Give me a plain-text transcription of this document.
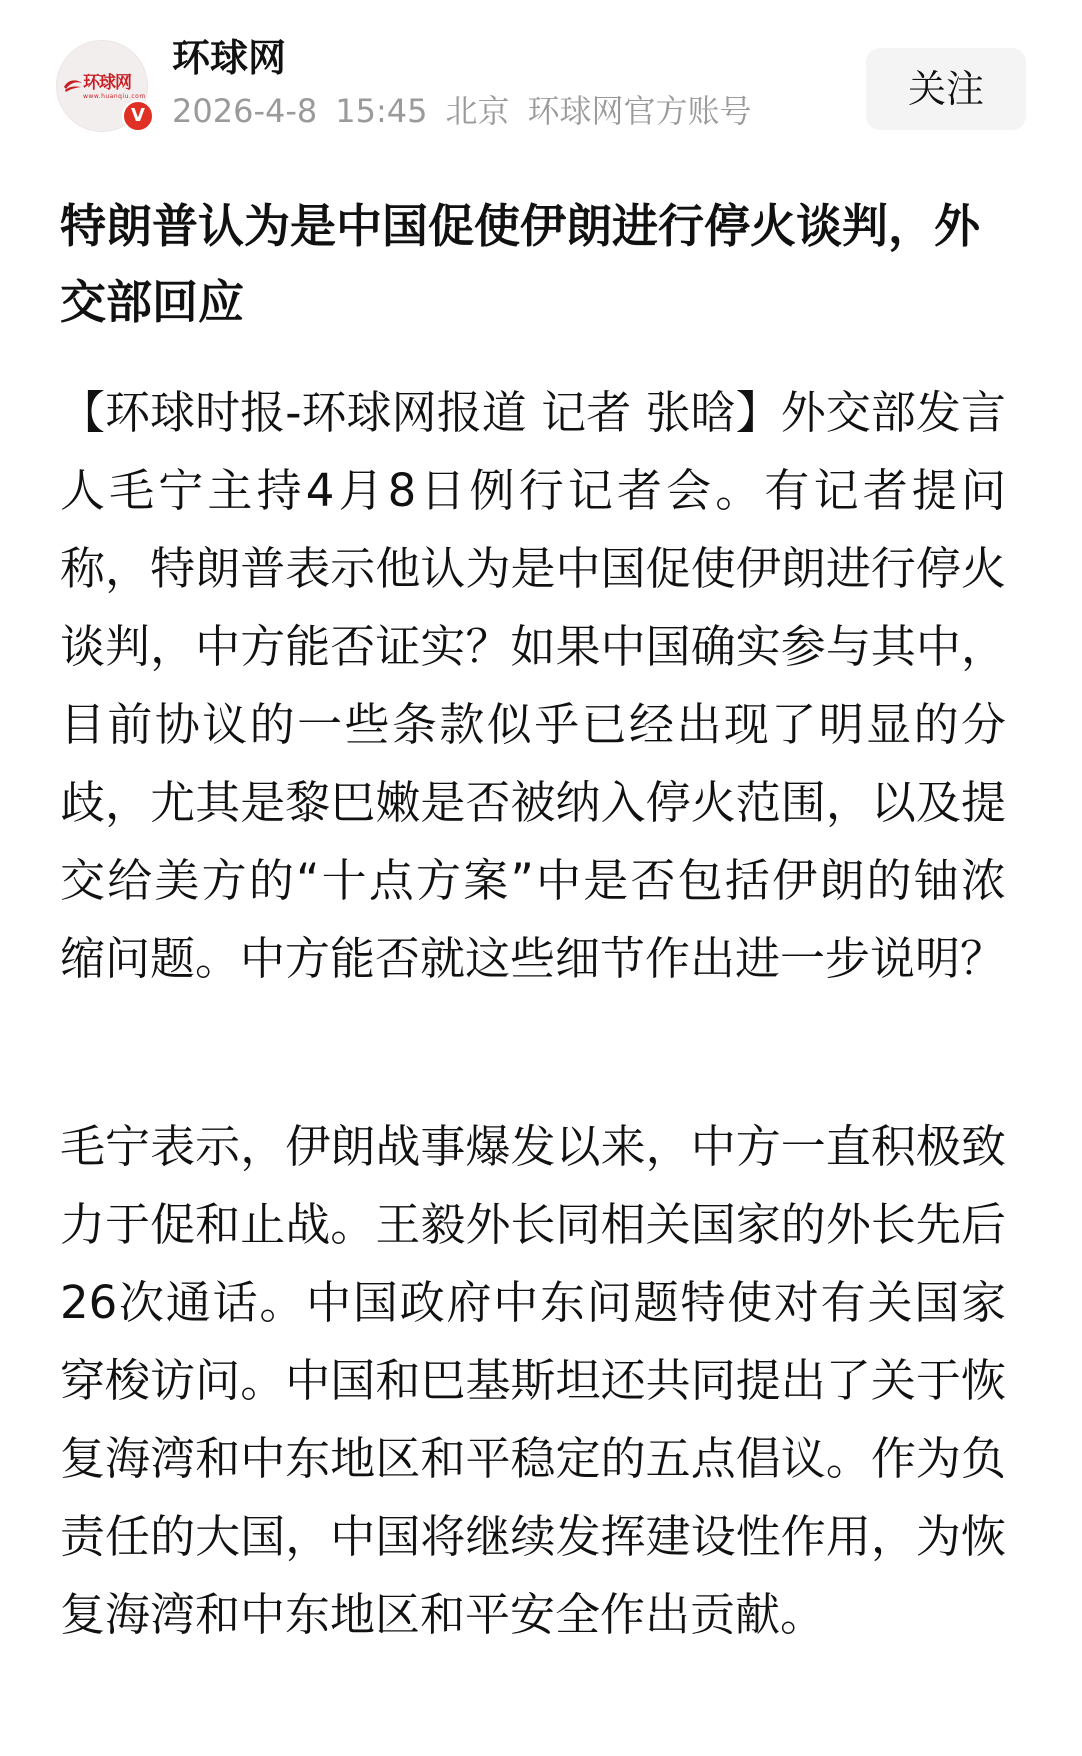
环球网
www.huanqiu.com
V
环球网
2026-4-8 15:45 北京 环球网官方账号	关注
特朗普认为是中国促使伊朗进行停火谈判，外交部回应

【环球时报-环球网报道 记者 张晗】外交部发言人毛宁主持4月8日例行记者会。有记者提问称，特朗普表示他认为是中国促使伊朗进行停火谈判，中方能否证实？如果中国确实参与其中，目前协议的一些条款似乎已经出现了明显的分歧，尤其是黎巴嫩是否被纳入停火范围，以及提交给美方的“十点方案”中是否包括伊朗的铀浓缩问题。中方能否就这些细节作出进一步说明？

毛宁表示，伊朗战事爆发以来，中方一直积极致力于促和止战。王毅外长同相关国家的外长先后26次通话。中国政府中东问题特使对有关国家穿梭访问。中国和巴基斯坦还共同提出了关于恢复海湾和中东地区和平稳定的五点倡议。作为负责任的大国，中国将继续发挥建设性作用，为恢复海湾和中东地区和平安全作出贡献。
